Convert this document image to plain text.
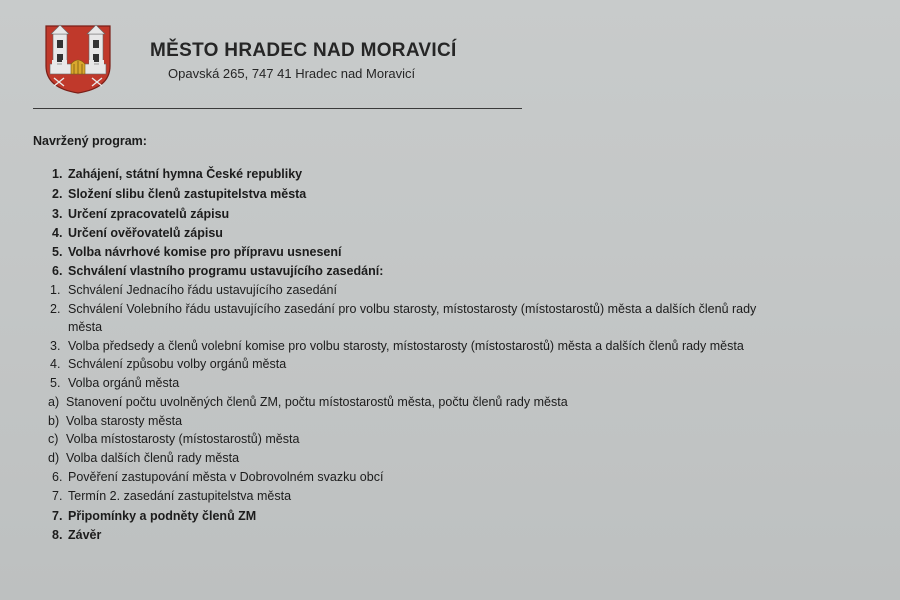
MĚSTO HRADEC NAD MORAVICÍ
Opavská 265, 747 41 Hradec nad Moravicí
Navržený program:
1. Zahájení, státní hymna České republiky
2. Složení slibu členů zastupitelstva města
3. Určení zpracovatelů zápisu
4. Určení ověřovatelů zápisu
5. Volba návrhové komise pro přípravu usnesení
6. Schválení vlastního programu ustavujícího zasedání:
1. Schválení Jednacího řádu ustavujícího zasedání
2. Schválení Volebního řádu ustavujícího zasedání pro volbu starosty, místostarosty (místostarostů) města a dalších členů rady
města
3. Volba předsedy a členů volební komise pro volbu starosty, místostarosty (místostarostů) města a dalších členů rady města
4. Schválení způsobu volby orgánů města
5. Volba orgánů města
a) Stanovení počtu uvolněných členů ZM, počtu místostarostů města, počtu členů rady města
b) Volba starosty města
c) Volba místostarosty (místostarostů) města
d) Volba dalších členů rady města
6. Pověření zastupování města v Dobrovolném svazku obcí
7. Termín 2. zasedání zastupitelstva města
7. Připomínky a podněty členů ZM
8. Závěr
